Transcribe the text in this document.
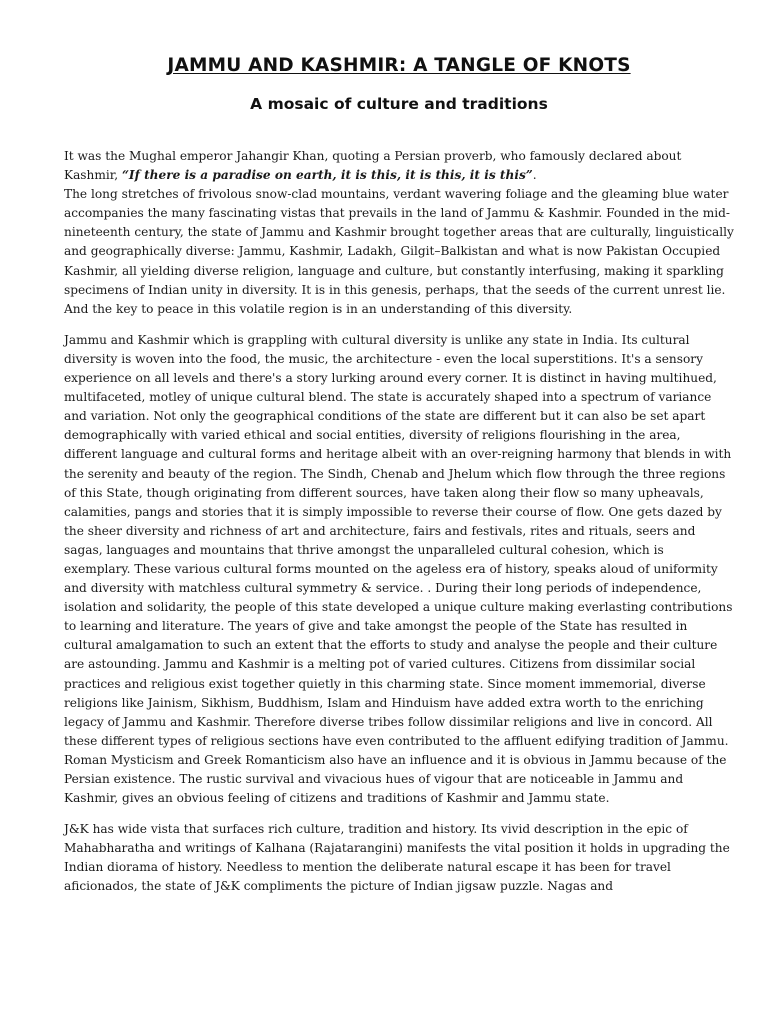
JAMMU AND KASHMIR: A TANGLE OF KNOTS
A mosaic of culture and traditions

It was the Mughal emperor Jahangir Khan, quoting a Persian proverb, who famously declared about Kashmir, “If there is a paradise on earth, it is this, it is this, it is this”.

The long stretches of frivolous snow-clad mountains, verdant wavering foliage and the gleaming blue water accompanies the many fascinating vistas that prevails in the land of Jammu & Kashmir. Founded in the mid-nineteenth century, the state of Jammu and Kashmir brought together areas that are culturally, linguistically and geographically diverse: Jammu, Kashmir, Ladakh, Gilgit–Balkistan and what is now Pakistan Occupied Kashmir, all yielding diverse religion, language and culture, but constantly interfusing, making it sparkling specimens of Indian unity in diversity. It is in this genesis, perhaps, that the seeds of the current unrest lie. And the key to peace in this volatile region is in an understanding of this diversity.

Jammu and Kashmir which is grappling with cultural diversity is unlike any state in India. Its cultural diversity is woven into the food, the music, the architecture - even the local superstitions. It's a sensory experience on all levels and there's a story lurking around every corner. It is distinct in having multihued, multifaceted, motley of unique cultural blend. The state is accurately shaped into a spectrum of variance and variation. Not only the geographical conditions of the state are different but it can also be set apart demographically with varied ethical and social entities, diversity of religions flourishing in the area, different language and cultural forms and heritage albeit with an over-reigning harmony that blends in with the serenity and beauty of the region. The Sindh, Chenab and Jhelum which flow through the three regions of this State, though originating from different sources, have taken along their flow so many upheavals, calamities, pangs and stories that it is simply impossible to reverse their course of flow. One gets dazed by the sheer diversity and richness of art and architecture, fairs and festivals, rites and rituals, seers and sagas, languages and mountains that thrive amongst the unparalleled cultural cohesion, which is exemplary. These various cultural forms mounted on the ageless era of history, speaks aloud of uniformity and diversity with matchless cultural symmetry & service. . During their long periods of independence, isolation and solidarity, the people of this state developed a unique culture making everlasting contributions to learning and literature. The years of give and take amongst the people of the State has resulted in cultural amalgamation to such an extent that the efforts to study and analyse the people and their culture are astounding. Jammu and Kashmir is a melting pot of varied cultures. Citizens from dissimilar social practices and religious exist together quietly in this charming state. Since moment immemorial, diverse religions like Jainism, Sikhism, Buddhism, Islam and Hinduism have added extra worth to the enriching legacy of Jammu and Kashmir. Therefore diverse tribes follow dissimilar religions and live in concord. All these different types of religious sections have even contributed to the affluent edifying tradition of Jammu. Roman Mysticism and Greek Romanticism also have an influence and it is obvious in Jammu because of the Persian existence. The rustic survival and vivacious hues of vigour that are noticeable in Jammu and Kashmir, gives an obvious feeling of citizens and traditions of Kashmir and Jammu state.

J&K has wide vista that surfaces rich culture, tradition and history. Its vivid description in the epic of Mahabharatha and writings of Kalhana (Rajatarangini) manifests the vital position it holds in upgrading the Indian diorama of history. Needless to mention the deliberate natural escape it has been for travel aficionados, the state of J&K compliments the picture of Indian jigsaw puzzle. Nagas and
